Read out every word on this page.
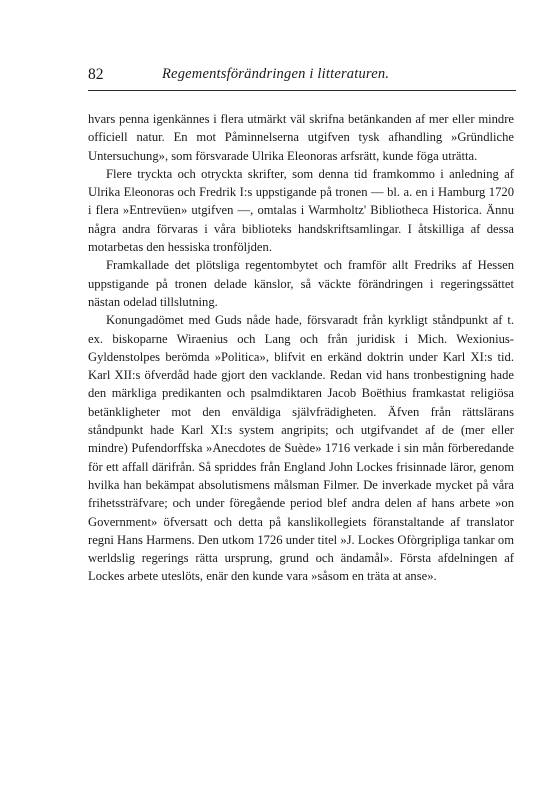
82	Regementsförändringen i litteraturen.

hvars penna igenkännes i flera utmärkt väl skrifna betänkanden af mer eller mindre officiell natur. En mot Påminnelserna utgifven tysk afhandling »Gründliche Untersuchung», som försvarade Ulrika Eleonoras arfsrätt, kunde föga uträtta.

Flere tryckta och otryckta skrifter, som denna tid framkommo i anledning af Ulrika Eleonoras och Fredrik I:s uppstigande på tronen — bl. a. en i Hamburg 1720 i flera »Entrevüen» utgifven —, omtalas i Warmholtz' Bibliotheca Historica. Ännu några andra förvaras i våra biblioteks handskriftsamlingar. I åtskilliga af dessa motarbetas den hessiska tronföljden.

Framkallade det plötsliga regentombytet och framför allt Fredriks af Hessen uppstigande på tronen delade känslor, så väckte förändringen i regeringssättet nästan odelad tillslutning.

Konungadömet med Guds nåde hade, försvaradt från kyrkligt ståndpunkt af t. ex. biskoparne Wiraenius och Lang och från juridisk i Mich. Wexionius-Gyldenstolpes berömda »Politica», blifvit en erkänd doktrin under Karl XI:s tid. Karl XII:s öfverdåd hade gjort den vacklande. Redan vid hans tronbestigning hade den märkliga predikanten och psalmdiktaren Jacob Boëthius framkastat religiösa betänkligheter mot den enväldiga självfrädigheten. Äfven från rättslärans ståndpunkt hade Karl XI:s system angripits; och utgifvandet af de (mer eller mindre) Pufendorffska »Anecdotes de Suède» 1716 verkade i sin mån förberedande för ett affall därifrån. Så spriddes från England John Lockes frisinnade läror, genom hvilka han bekämpat absolutismens målsman Filmer. De inverkade mycket på våra frihetssträfvare; och under föregående period blef andra delen af hans arbete »on Government» öfversatt och detta på kanslikollegiets föranstaltande af translator regni Hans Harmens. Den utkom 1726 under titel »J. Lockes Ofòrgripliga tankar om werldslig regerings rätta ursprung, grund och ändamål». Första afdelningen af Lockes arbete uteslöts, enär den kunde vara »såsom en träta at anse».
